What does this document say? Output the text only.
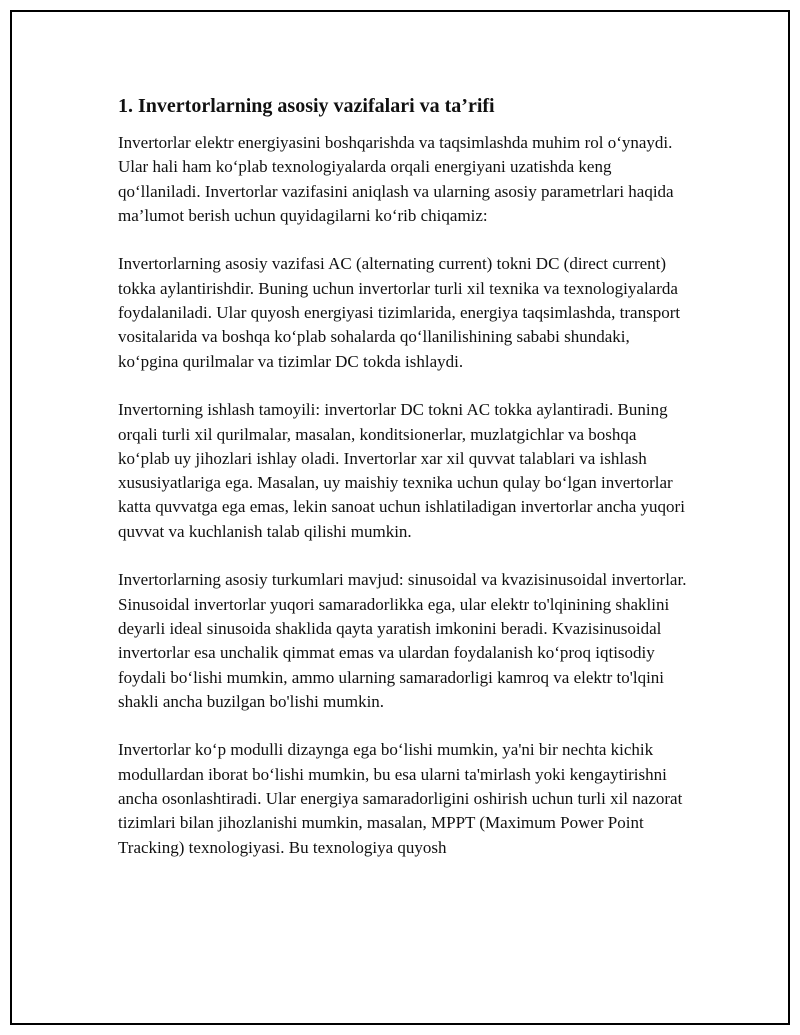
1. Invertorlarning asosiy vazifalari va ta’rifi

Invertorlar elektr energiyasini boshqarishda va taqsimlashda muhim rol o‘ynaydi. Ular hali ham ko‘plab texnologiyalarda orqali energiyani uzatishda keng qo‘llaniladi. Invertorlar vazifasini aniqlash va ularning asosiy parametrlari haqida ma’lumot berish uchun quyidagilarni ko‘rib chiqamiz:

Invertorlarning asosiy vazifasi AC (alternating current) tokni DC (direct current) tokka aylantirishdir. Buning uchun invertorlar turli xil texnika va texnologiyalarda foydalaniladi. Ular quyosh energiyasi tizimlarida, energiya taqsimlashda, transport vositalarida va boshqa ko‘plab sohalarda qo‘llanilishining sababi shundaki, ko‘pgina qurilmalar va tizimlar DC tokda ishlaydi.

Invertorning ishlash tamoyili: invertorlar DC tokni AC tokka aylantiradi. Buning orqali turli xil qurilmalar, masalan, konditsionerlar, muzlatgichlar va boshqa ko‘plab uy jihozlari ishlay oladi. Invertorlar xar xil quvvat talablari va ishlash xususiyatlariga ega. Masalan, uy maishiy texnika uchun qulay bo‘lgan invertorlar katta quvvatga ega emas, lekin sanoat uchun ishlatiladigan invertorlar ancha yuqori quvvat va kuchlanish talab qilishi mumkin.

Invertorlarning asosiy turkumlari mavjud: sinusoidal va kvazisinusoidal invertorlar. Sinusoidal invertorlar yuqori samaradorlikka ega, ular elektr to'lqinining shaklini deyarli ideal sinusoida shaklida qayta yaratish imkonini beradi. Kvazisinusoidal invertorlar esa unchalik qimmat emas va ulardan foydalanish ko‘proq iqtisodiy foydali bo‘lishi mumkin, ammo ularning samaradorligi kamroq va elektr to'lqini shakli ancha buzilgan bo'lishi mumkin.

Invertorlar ko‘p modulli dizaynga ega bo‘lishi mumkin, ya'ni bir nechta kichik modullardan iborat bo‘lishi mumkin, bu esa ularni ta'mirlash yoki kengaytirishni ancha osonlashtiradi. Ular energiya samaradorligini oshirish uchun turli xil nazorat tizimlari bilan jihozlanishi mumkin, masalan, MPPT (Maximum Power Point Tracking) texnologiyasi. Bu texnologiya quyosh
